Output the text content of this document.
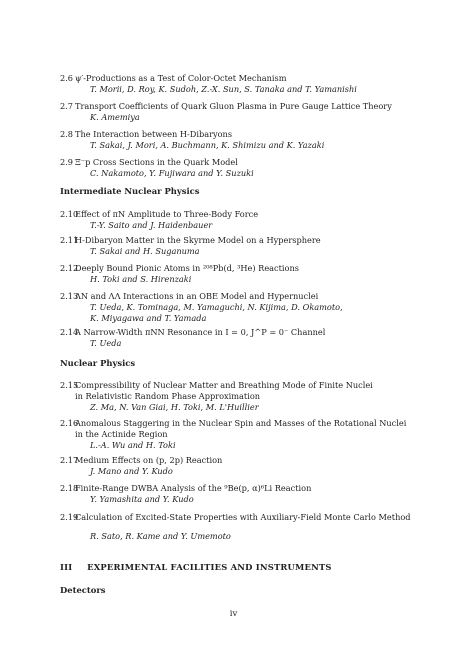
2.6 ψ′-Productions as a Test of Color-Octet Mechanism
T. Morii, D. Roy, K. Sudoh, Z.-X. Sun, S. Tanaka and T. Yamanishi
2.7 Transport Coefficients of Quark Gluon Plasma in Pure Gauge Lattice Theory
K. Amemiya
2.8 The Interaction between H-Dibaryons
T. Sakai, J. Mori, A. Buchmann, K. Shimizu and K. Yazaki
2.9 Ξ⁻p Cross Sections in the Quark Model
C. Nakamoto, Y. Fujiwara and Y. Suzuki
Intermediate Nuclear Physics
2.10
Effect of πN Amplitude to Three-Body Force
T.-Y. Saito and J. Haidenbauer
2.11
H-Dibaryon Matter in the Skyrme Model on a Hypersphere
T. Sakai and H. Suganuma
2.12
Deeply Bound Pionic Atoms in ²⁰⁸Pb(d, ³He) Reactions
H. Toki and S. Hirenzaki
2.13
ΛN and ΛΛ Interactions in an OBE Model and Hypernuclei
T. Ueda, K. Tominaga, M. Yamaguchi, N. Kijima, D. Okamoto,
K. Miyagawa and T. Yamada
2.14
A Narrow-Width πNN Resonance in I = 0, J^P = 0⁻ Channel
T. Ueda
Nuclear Physics
2.15
Compressibility of Nuclear Matter and Breathing Mode of Finite Nuclei
in Relativistic Random Phase Approximation
Z. Ma, N. Van Giai, H. Toki, M. L'Huillier
2.16
Anomalous Staggering in the Nuclear Spin and Masses of the Rotational Nuclei
in the Actinide Region
L.-A. Wu and H. Toki
2.17
Medium Effects on (p, 2p) Reaction
J. Mano and Y. Kudo
2.18
Finite-Range DWBA Analysis of the ⁹Be(p, α)⁶Li Reaction
Y. Yamashita and Y. Kudo
2.19
Calculation of Excited-State Properties with Auxiliary-Field Monte Carlo Method
R. Sato, R. Kame and Y. Umemoto
III EXPERIMENTAL FACILITIES AND INSTRUMENTS
Detectors
iv
